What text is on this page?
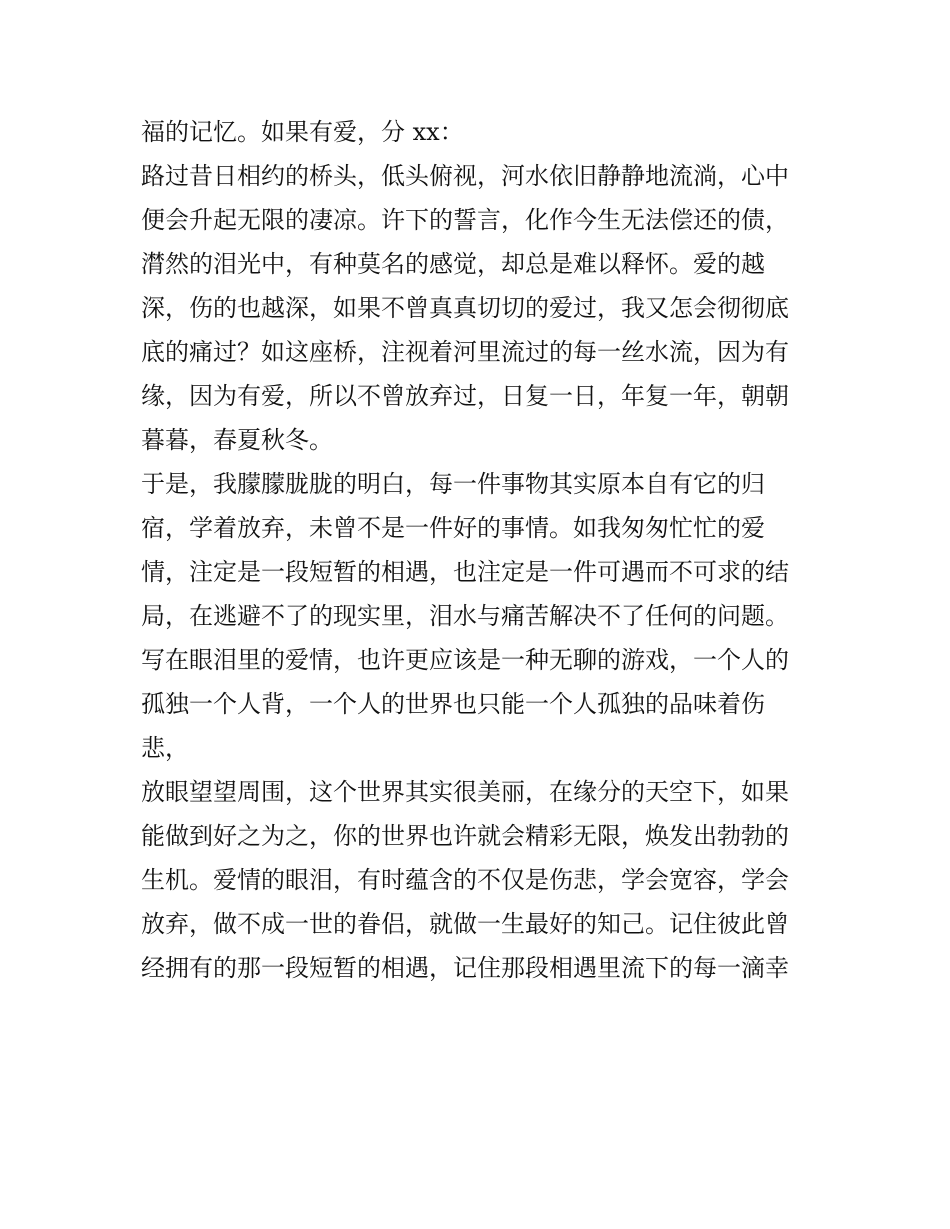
福的记忆。如果有爱，分 xx：
路过昔日相约的桥头，低头俯视，河水依旧静静地流淌，心中
便会升起无限的凄凉。许下的誓言，化作今生无法偿还的债，
潸然的泪光中，有种莫名的感觉，却总是难以释怀。爱的越
深，伤的也越深，如果不曾真真切切的爱过，我又怎会彻彻底
底的痛过？如这座桥，注视着河里流过的每一丝水流，因为有
缘，因为有爱，所以不曾放弃过，日复一日，年复一年，朝朝
暮暮，春夏秋冬。
于是，我朦朦胧胧的明白，每一件事物其实原本自有它的归
宿，学着放弃，未曾不是一件好的事情。如我匆匆忙忙的爱
情，注定是一段短暂的相遇，也注定是一件可遇而不可求的结
局，在逃避不了的现实里，泪水与痛苦解决不了任何的问题。
写在眼泪里的爱情，也许更应该是一种无聊的游戏，一个人的
孤独一个人背，一个人的世界也只能一个人孤独的品味着伤
悲，
放眼望望周围，这个世界其实很美丽，在缘分的天空下，如果
能做到好之为之，你的世界也许就会精彩无限，焕发出勃勃的
生机。爱情的眼泪，有时蕴含的不仅是伤悲，学会宽容，学会
放弃，做不成一世的眷侣，就做一生最好的知己。记住彼此曾
经拥有的那一段短暂的相遇，记住那段相遇里流下的每一滴幸
